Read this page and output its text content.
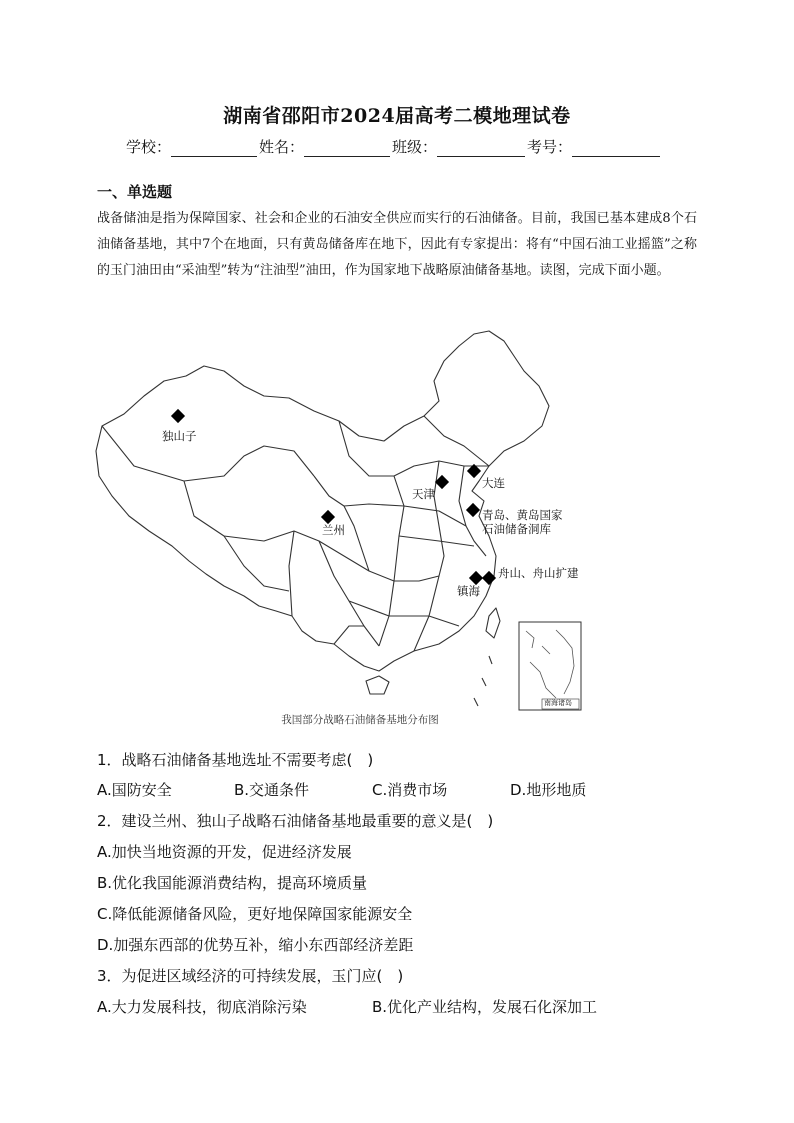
湖南省邵阳市2024届高考二模地理试卷
学校：	姓名：	班级：	考号：
一、单选题
战备储油是指为保障国家、社会和企业的石油安全供应而实行的石油储备。目前，我国已基本建成8个石油储备基地，其中7个在地面，只有黄岛储备库在地下，因此有专家提出：将有“中国石油工业摇篮”之称的玉门油田由“采油型”转为“注油型”油田，作为国家地下战略原油储备基地。读图，完成下面小题。
独山子
兰州
天津
大连
青岛、黄岛国家
石油储备洞库
舟山、舟山扩建
镇海
南海诸岛
我国部分战略石油储备基地分布图
1．战略石油储备基地选址不需要考虑(　)
A.国防安全	B.交通条件	C.消费市场	D.地形地质
2．建设兰州、独山子战略石油储备基地最重要的意义是(　)
A.加快当地资源的开发，促进经济发展
B.优化我国能源消费结构，提高环境质量
C.降低能源储备风险，更好地保障国家能源安全
D.加强东西部的优势互补，缩小东西部经济差距
3．为促进区域经济的可持续发展，玉门应(　)
A.大力发展科技，彻底消除污染	B.优化产业结构，发展石化深加工
